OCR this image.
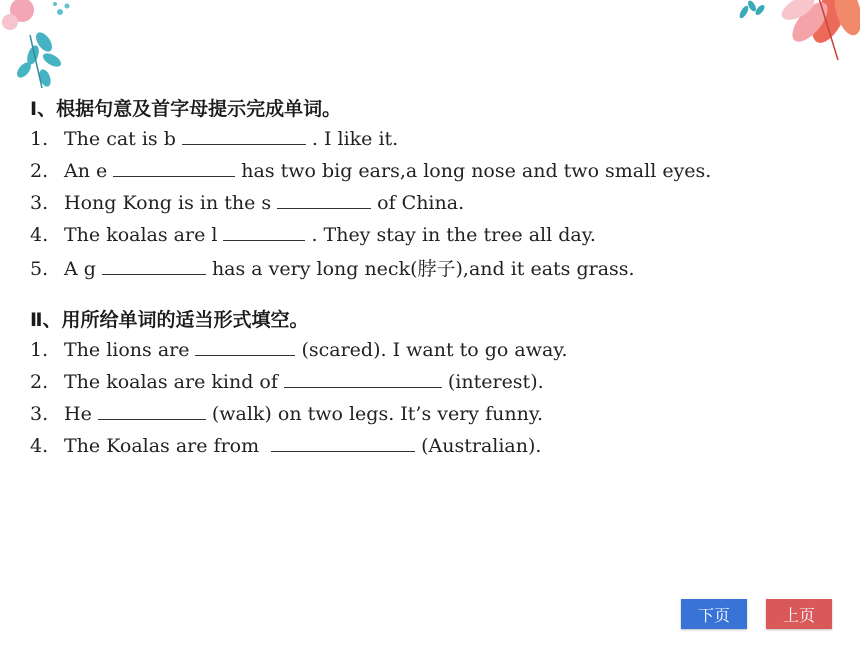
Ⅰ、根据句意及首字母提示完成单词。
1. The cat is b	. I like it.
2. An e	has two big ears,a long nose and two small eyes.
3. Hong Kong is in the s	of China.
4. The koalas are l	. They stay in the tree all day.
5. A g	has a very long neck(脖子),and it eats grass.
Ⅱ、用所给单词的适当形式填空。
1. The lions are	(scared). I want to go away.
2. The koalas are kind of	(interest).
3. He	(walk) on two legs. It’s very funny.
4. The Koalas are from	(Australian).
下页	上页
